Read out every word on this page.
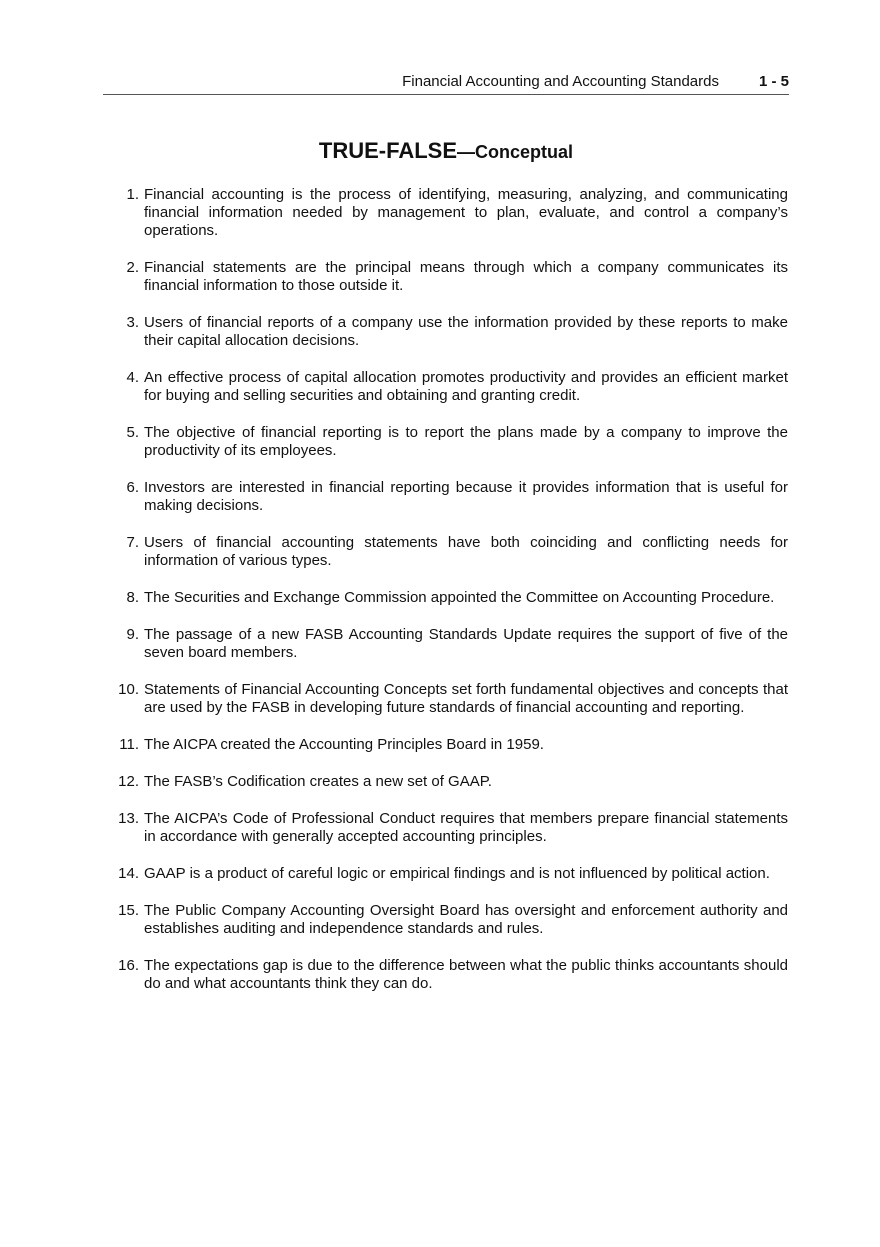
Financial Accounting and Accounting Standards	1 - 5
TRUE-FALSE—Conceptual
1. Financial accounting is the process of identifying, measuring, analyzing, and communicating financial information needed by management to plan, evaluate, and control a company’s operations.
2. Financial statements are the principal means through which a company communicates its financial information to those outside it.
3. Users of financial reports of a company use the information provided by these reports to make their capital allocation decisions.
4. An effective process of capital allocation promotes productivity and provides an efficient market for buying and selling securities and obtaining and granting credit.
5. The objective of financial reporting is to report the plans made by a company to improve the productivity of its employees.
6. Investors are interested in financial reporting because it provides information that is useful for making decisions.
7. Users of financial accounting statements have both coinciding and conflicting needs for information of various types.
8. The Securities and Exchange Commission appointed the Committee on Accounting Procedure.
9. The passage of a new FASB Accounting Standards Update requires the support of five of the seven board members.
10. Statements of Financial Accounting Concepts set forth fundamental objectives and concepts that are used by the FASB in developing future standards of financial accounting and reporting.
11. The AICPA created the Accounting Principles Board in 1959.
12. The FASB’s Codification creates a new set of GAAP.
13. The AICPA’s Code of Professional Conduct requires that members prepare financial statements in accordance with generally accepted accounting principles.
14. GAAP is a product of careful logic or empirical findings and is not influenced by political action.
15. The Public Company Accounting Oversight Board has oversight and enforcement authority and establishes auditing and independence standards and rules.
16. The expectations gap is due to the difference between what the public thinks accountants should do and what accountants think they can do.
